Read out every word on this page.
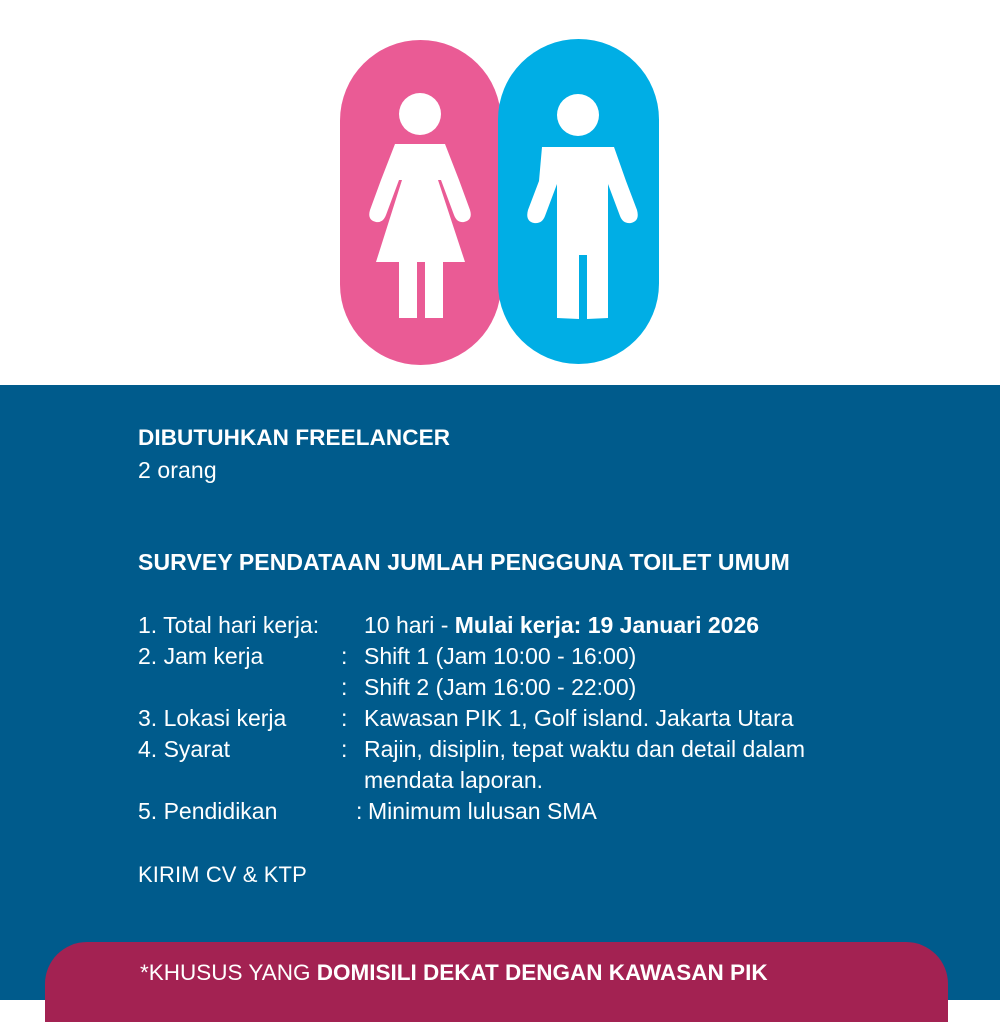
DIBUTUHKAN FREELANCER
2 orang
SURVEY PENDATAAN JUMLAH PENGGUNA TOILET UMUM
1. Total hari kerja: 10 hari - Mulai kerja: 19 Januari 2026
2. Jam kerja	: Shift 1 (Jam 10:00 - 16:00)
: Shift 2 (Jam 16:00 - 22:00)
3. Lokasi kerja : Kawasan PIK 1, Golf island. Jakarta Utara
4. Syarat	: Rajin, disiplin, tepat waktu dan detail dalam
mendata laporan.
5. Pendidikan	: Minimum lulusan SMA
KIRIM CV & KTP
*KHUSUS YANG DOMISILI DEKAT DENGAN KAWASAN PIK
